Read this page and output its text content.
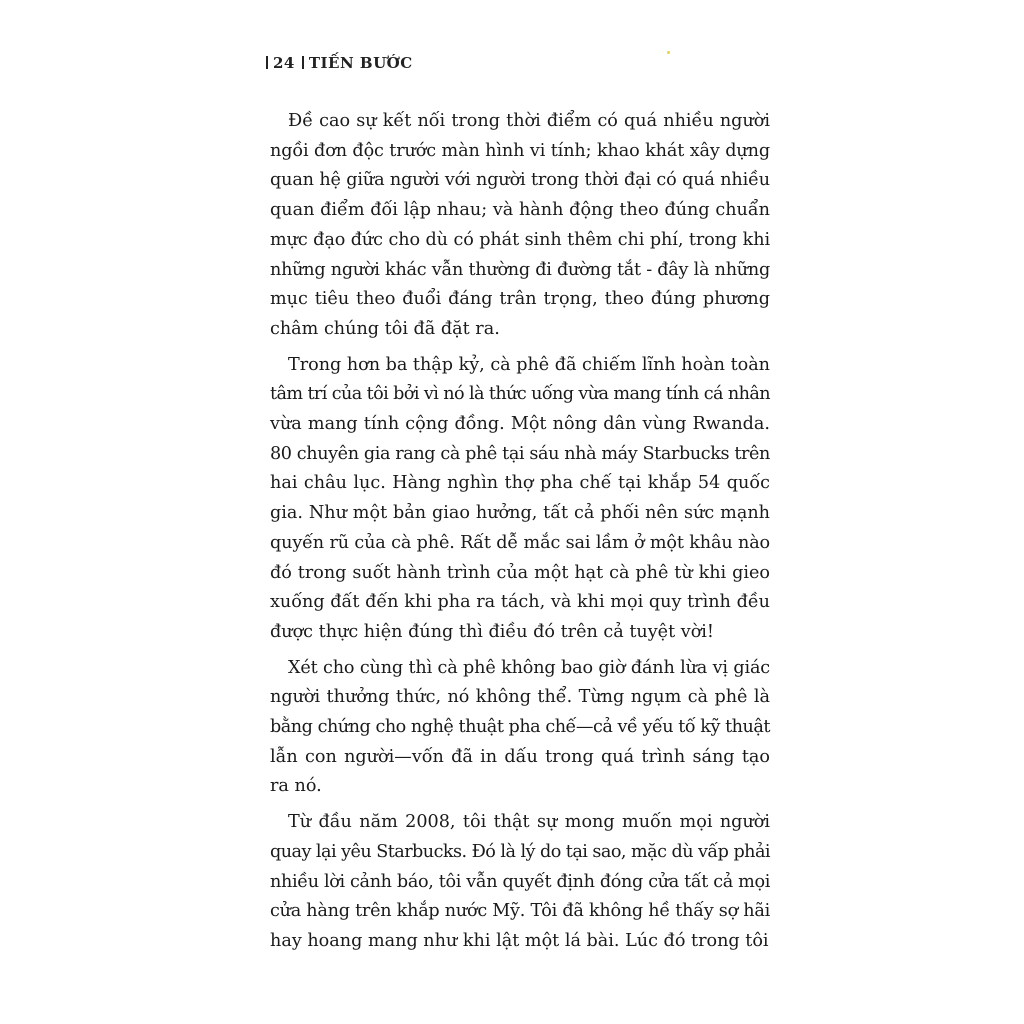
24 TIẾN BƯỚC

Đề cao sự kết nối trong thời điểm có quá nhiều người
ngồi đơn độc trước màn hình vi tính; khao khát xây dựng
quan hệ giữa người với người trong thời đại có quá nhiều
quan điểm đối lập nhau; và hành động theo đúng chuẩn
mực đạo đức cho dù có phát sinh thêm chi phí, trong khi
những người khác vẫn thường đi đường tắt - đây là những
mục tiêu theo đuổi đáng trân trọng, theo đúng phương
châm chúng tôi đã đặt ra.

Trong hơn ba thập kỷ, cà phê đã chiếm lĩnh hoàn toàn
tâm trí của tôi bởi vì nó là thức uống vừa mang tính cá nhân
vừa mang tính cộng đồng. Một nông dân vùng Rwanda.
80 chuyên gia rang cà phê tại sáu nhà máy Starbucks trên
hai châu lục. Hàng nghìn thợ pha chế tại khắp 54 quốc
gia. Như một bản giao hưởng, tất cả phối nên sức mạnh
quyến rũ của cà phê. Rất dễ mắc sai lầm ở một khâu nào
đó trong suốt hành trình của một hạt cà phê từ khi gieo
xuống đất đến khi pha ra tách, và khi mọi quy trình đều
được thực hiện đúng thì điều đó trên cả tuyệt vời!

Xét cho cùng thì cà phê không bao giờ đánh lừa vị giác
người thưởng thức, nó không thể. Từng ngụm cà phê là
bằng chứng cho nghệ thuật pha chế—cả về yếu tố kỹ thuật
lẫn con người—vốn đã in dấu trong quá trình sáng tạo
ra nó.

Từ đầu năm 2008, tôi thật sự mong muốn mọi người
quay lại yêu Starbucks. Đó là lý do tại sao, mặc dù vấp phải
nhiều lời cảnh báo, tôi vẫn quyết định đóng cửa tất cả mọi
cửa hàng trên khắp nước Mỹ. Tôi đã không hề thấy sợ hãi
hay hoang mang như khi lật một lá bài. Lúc đó trong tôi
